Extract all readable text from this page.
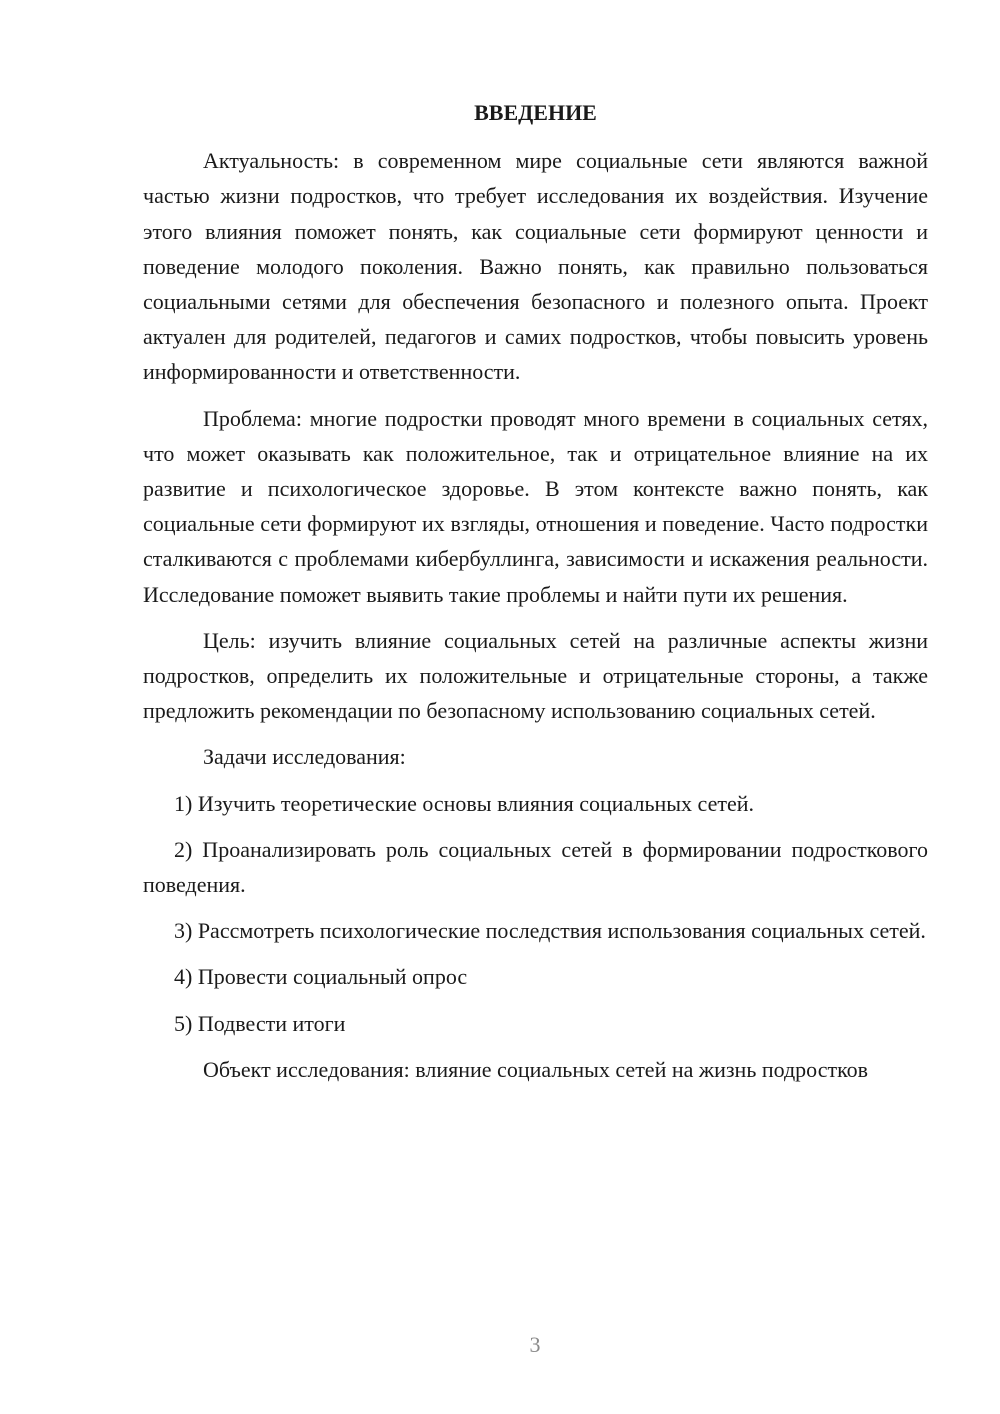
ВВЕДЕНИЕ

Актуальность: в современном мире социальные сети являются важной частью жизни подростков, что требует исследования их воздействия. Изучение этого влияния поможет понять, как социальные сети формируют ценности и поведение молодого поколения. Важно понять, как правильно пользоваться социальными сетями для обеспечения безопасного и полезного опыта. Проект актуален для родителей, педагогов и самих подростков, чтобы повысить уровень информированности и ответственности.

Проблема: многие подростки проводят много времени в социальных сетях, что может оказывать как положительное, так и отрицательное влияние на их развитие и психологическое здоровье. В этом контексте важно понять, как социальные сети формируют их взгляды, отношения и поведение. Часто подростки сталкиваются с проблемами кибербуллинга, зависимости и искажения реальности. Исследование поможет выявить такие проблемы и найти пути их решения.

Цель: изучить влияние социальных сетей на различные аспекты жизни подростков, определить их положительные и отрицательные стороны, а также предложить рекомендации по безопасному использованию социальных сетей.

Задачи исследования:

1) Изучить теоретические основы влияния социальных сетей.

2) Проанализировать роль социальных сетей в формировании подросткового поведения.

3) Рассмотреть психологические последствия использования социальных сетей.

4) Провести социальный опрос

5) Подвести итоги

Объект исследования: влияние социальных сетей на жизнь подростков

3
